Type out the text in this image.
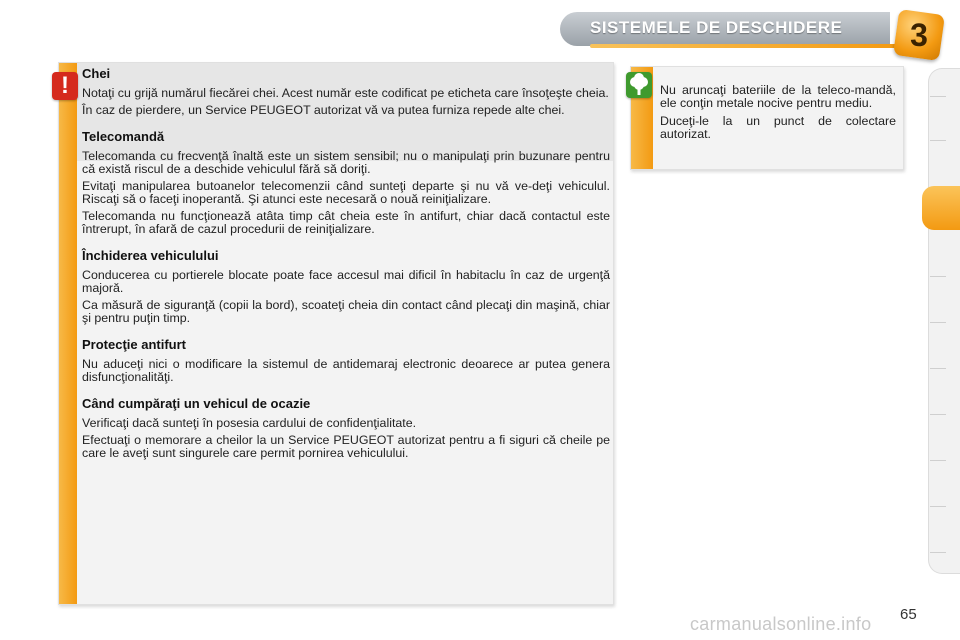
SISTEMELE DE DESCHIDERE	3
!	Chei

Notaţi cu grijă numărul fiecărei chei. Acest număr este codificat pe eticheta care însoţeşte cheia.

În caz de pierdere, un Service PEUGEOT autorizat vă va putea furniza repede alte chei.

Telecomandă

Telecomanda cu frecvenţă înaltă este un sistem sensibil; nu o manipulaţi prin buzunare pentru că există riscul de a deschide vehiculul fără să doriţi.

Evitaţi manipularea butoanelor telecomenzii când sunteţi departe şi nu vă ve-deţi vehiculul. Riscaţi să o faceţi inoperantă. Şi atunci este necesară o nouă reiniţializare.

Telecomanda nu funcţionează atâta timp cât cheia este în antifurt, chiar dacă contactul este întrerupt, în afară de cazul procedurii de reiniţializare.

Închiderea vehiculului

Conducerea cu portierele blocate poate face accesul mai dificil în habitaclu în caz de urgenţă majoră.

Ca măsură de siguranţă (copii la bord), scoateţi cheia din contact când plecaţi din maşină, chiar şi pentru puţin timp.

Protecţie antifurt

Nu aduceţi nici o modificare la sistemul de antidemaraj electronic deoarece ar putea genera disfuncţionalităţi.

Când cumpăraţi un vehicul de ocazie

Verificaţi dacă sunteţi în posesia cardului de confidenţialitate.

Efectuaţi o memorare a cheilor la un Service PEUGEOT autorizat pentru a fi siguri că cheile pe care le aveţi sunt singurele care permit pornirea vehiculului.

Nu aruncaţi bateriile de la teleco-mandă, ele conţin metale nocive pentru mediu.

Duceţi-le la un punct de colectare autorizat.

65
carmanualsonline.info
